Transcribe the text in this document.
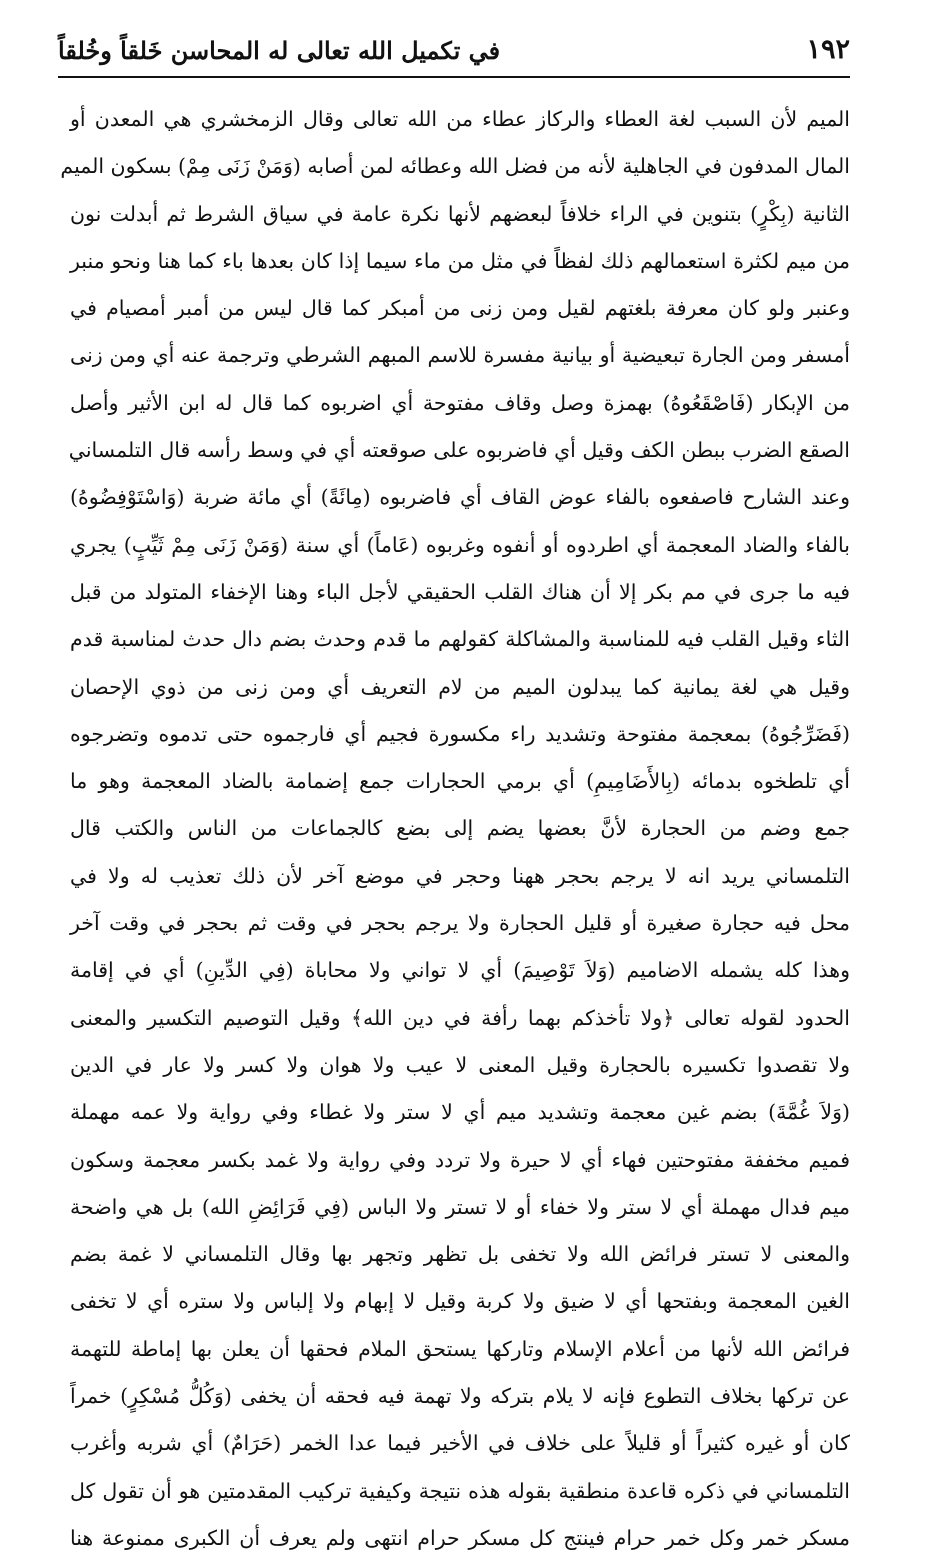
١٩٢
في تكميل الله تعالى له المحاسن خَلقاً وخُلقاً
الميم لأن السبب لغة العطاء والركاز عطاء من الله تعالى وقال الزمخشري هي المعدن أو
المال المدفون في الجاهلية لأنه من فضل الله وعطائه لمن أصابه (وَمَنْ زَنَى مِمْ) بسكون الميم
الثانية (بِكْرٍ) بتنوين في الراء خلافاً لبعضهم لأنها نكرة عامة في سياق الشرط ثم أبدلت نون
من ميم لكثرة استعمالهم ذلك لفظاً في مثل من ماء سيما إذا كان بعدها باء كما هنا ونحو منبر
وعنبر ولو كان معرفة بلغتهم لقيل ومن زنى من أمبكر كما قال ليس من أمبر أمصيام في
أمسفر ومن الجارة تبعيضية أو بيانية مفسرة للاسم المبهم الشرطي وترجمة عنه أي ومن زنى
من الإبكار (فَاصْقَعُوهُ) بهمزة وصل وقاف مفتوحة أي اضربوه كما قال له ابن الأثير وأصل
الصقع الضرب ببطن الكف وقيل أي فاضربوه على صوقعته أي في وسط رأسه قال التلمساني
وعند الشارح فاصفعوه بالفاء عوض القاف أي فاضربوه (مِائَةً) أي مائة ضربة (وَاسْتَوْفِضُوهُ)
بالفاء والضاد المعجمة أي اطردوه أو أنفوه وغربوه (عَاماً) أي سنة (وَمَنْ زَنَى مِمْ ثَيِّبٍ) يجري
فيه ما جرى في مم بكر إلا أن هناك القلب الحقيقي لأجل الباء وهنا الإخفاء المتولد من قبل
الثاء وقيل القلب فيه للمناسبة والمشاكلة كقولهم ما قدم وحدث بضم دال حدث لمناسبة قدم
وقيل هي لغة يمانية كما يبدلون الميم من لام التعريف أي ومن زنى من ذوي الإحصان
(فَضَرِّجُوهُ) بمعجمة مفتوحة وتشديد راء مكسورة فجيم أي فارجموه حتى تدموه وتضرجوه
أي تلطخوه بدمائه (بِالأَضَامِيمِ) أي برمي الحجارات جمع إضمامة بالضاد المعجمة وهو ما
جمع وضم من الحجارة لأنَّ بعضها يضم إلى بضع كالجماعات من الناس والكتب قال
التلمساني يريد انه لا يرجم بحجر ههنا وحجر في موضع آخر لأن ذلك تعذيب له ولا في
محل فيه حجارة صغيرة أو قليل الحجارة ولا يرجم بحجر في وقت ثم بحجر في وقت آخر
وهذا كله يشمله الاضاميم (وَلاَ تَوْصِيمَ) أي لا تواني ولا محاباة (فِي الدِّينِ) أي في إقامة
الحدود لقوله تعالى ﴿ولا تأخذكم بهما رأفة في دين الله﴾ وقيل التوصيم التكسير والمعنى
ولا تقصدوا تكسيره بالحجارة وقيل المعنى لا عيب ولا هوان ولا كسر ولا عار في الدين
(وَلاَ غُمَّةَ) بضم غين معجمة وتشديد ميم أي لا ستر ولا غطاء وفي رواية ولا عمه مهملة
فميم مخففة مفتوحتين فهاء أي لا حيرة ولا تردد وفي رواية ولا غمد بكسر معجمة وسكون
ميم فدال مهملة أي لا ستر ولا خفاء أو لا تستر ولا الباس (فِي فَرَائِضِ الله) بل هي واضحة
والمعنى لا تستر فرائض الله ولا تخفى بل تظهر وتجهر بها وقال التلمساني لا غمة بضم
الغين المعجمة وبفتحها أي لا ضيق ولا كربة وقيل لا إبهام ولا إلباس ولا ستره أي لا تخفى
فرائض الله لأنها من أعلام الإسلام وتاركها يستحق الملام فحقها أن يعلن بها إماطة للتهمة
عن تركها بخلاف التطوع فإنه لا يلام بتركه ولا تهمة فيه فحقه أن يخفى (وَكُلُّ مُسْكِرٍ) خمراً
كان أو غيره كثيراً أو قليلاً على خلاف في الأخير فيما عدا الخمر (حَرَامٌ) أي شربه وأغرب
التلمساني في ذكره قاعدة منطقية بقوله هذه نتيجة وكيفية تركيب المقدمتين هو أن تقول كل
مسكر خمر وكل خمر حرام فينتج كل مسكر حرام انتهى ولم يعرف أن الكبرى ممنوعة هنا
